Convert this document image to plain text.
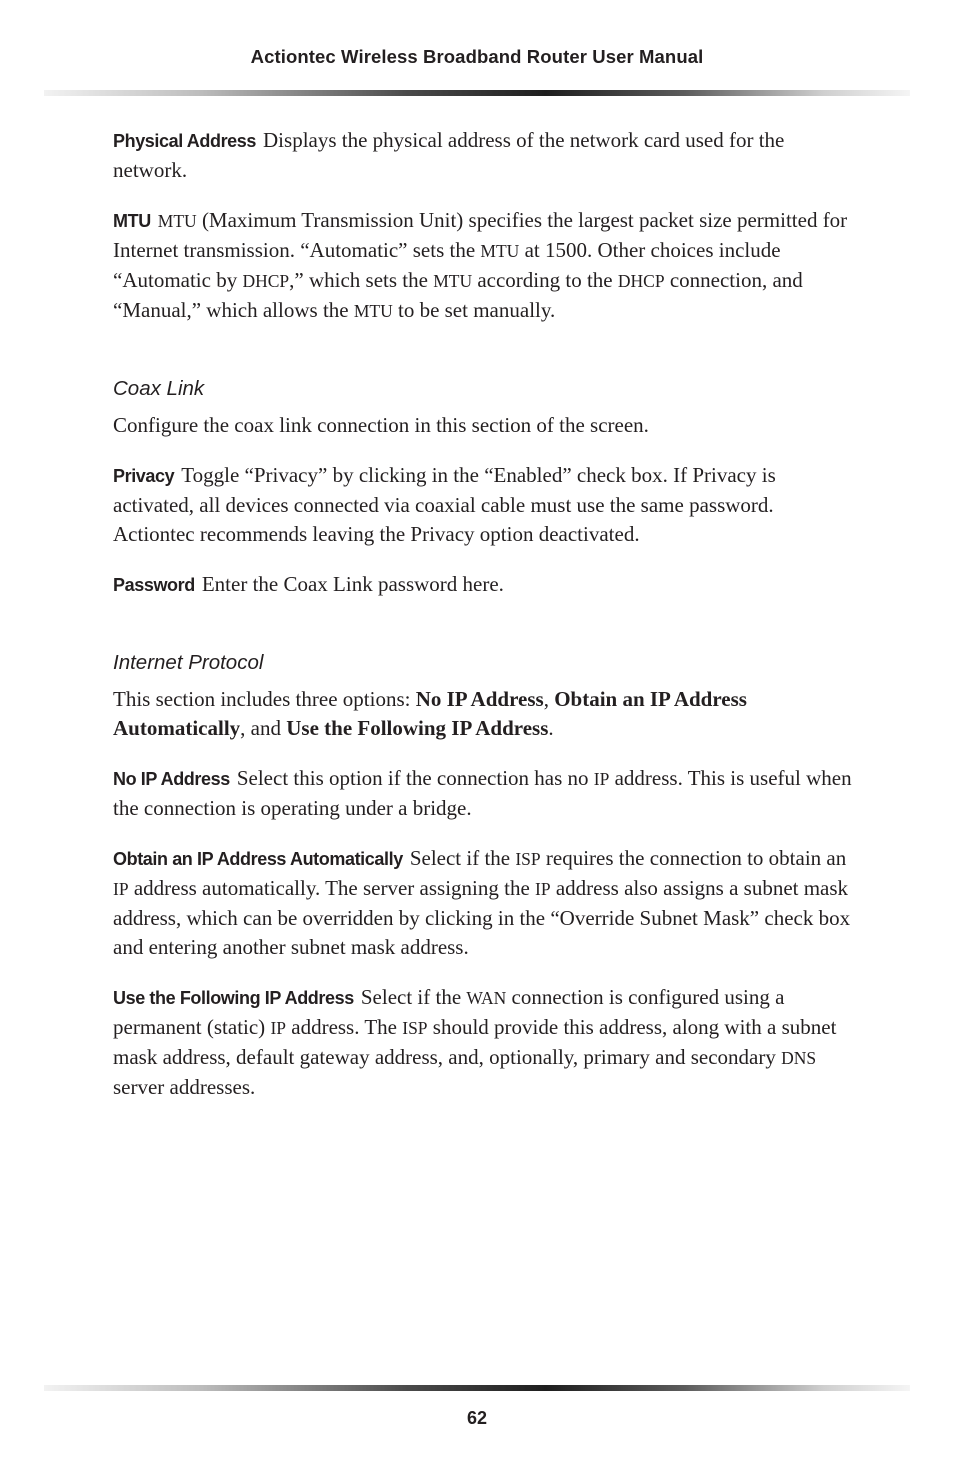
Actiontec Wireless Broadband Router User Manual

Physical Address Displays the physical address of the network card used for the network.

MTU MTU (Maximum Transmission Unit) specifies the largest packet size permitted for Internet transmission. “Automatic” sets the MTU at 1500. Other choices include “Automatic by DHCP,” which sets the MTU according to the DHCP connection, and “Manual,” which allows the MTU to be set manually.

Coax Link

Configure the coax link connection in this section of the screen.

Privacy Toggle “Privacy” by clicking in the “Enabled” check box. If Privacy is activated, all devices connected via coaxial cable must use the same password. Actiontec recommends leaving the Privacy option deactivated.

Password Enter the Coax Link password here.

Internet Protocol

This section includes three options: No IP Address, Obtain an IP Address Automatically, and Use the Following IP Address.

No IP Address Select this option if the connection has no IP address. This is useful when the connection is operating under a bridge.

Obtain an IP Address Automatically Select if the ISP requires the connection to obtain an IP address automatically. The server assigning the IP address also assigns a subnet mask address, which can be overridden by clicking in the “Override Subnet Mask” check box and entering another subnet mask address.

Use the Following IP Address Select if the WAN connection is configured using a permanent (static) IP address. The ISP should provide this address, along with a subnet mask address, default gateway address, and, optionally, primary and secondary DNS server addresses.

62
